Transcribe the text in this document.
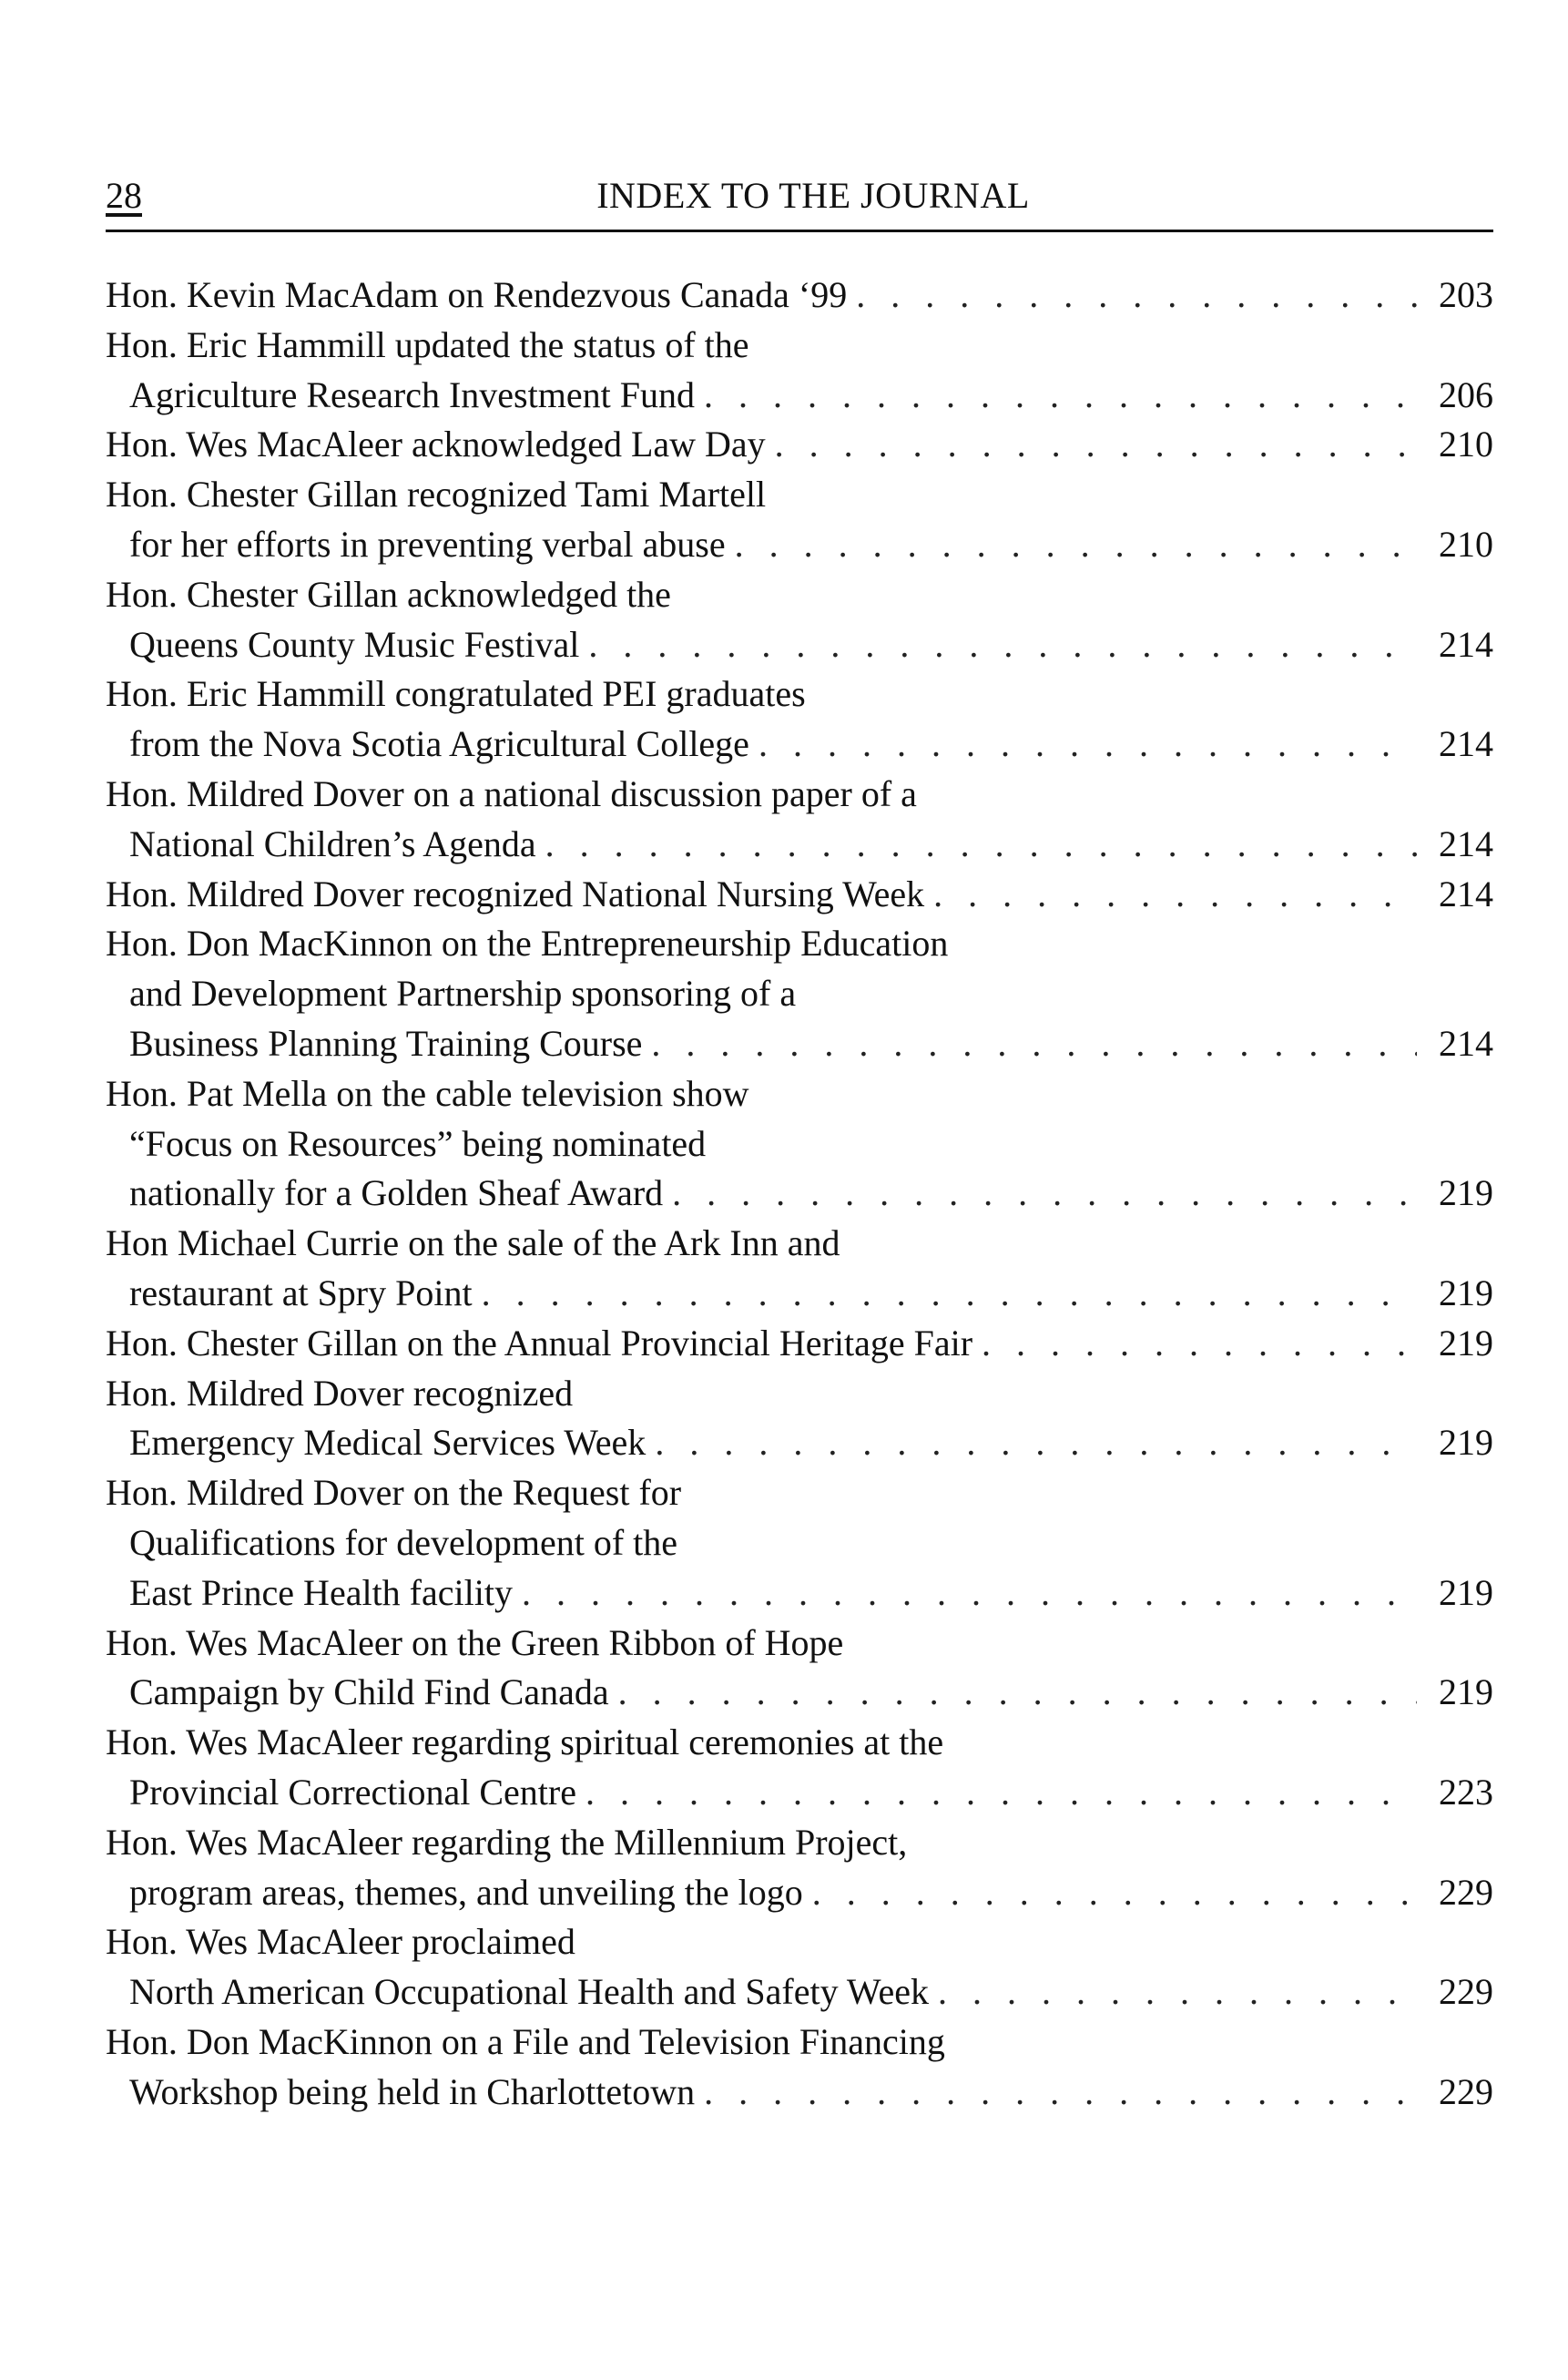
28	INDEX TO THE JOURNAL
Hon. Kevin MacAdam on Rendezvous Canada ‘99 . . .	203
Hon. Eric Hammill updated the status of the
Agriculture Research Investment Fund . . .	206
Hon. Wes MacAleer acknowledged Law Day . . .	210
Hon. Chester Gillan recognized Tami Martell
for her efforts in preventing verbal abuse . . .	210
Hon. Chester Gillan acknowledged the
Queens County Music Festival . . .	214
Hon. Eric Hammill congratulated PEI graduates
from the Nova Scotia Agricultural College . . .	214
Hon. Mildred Dover on a national discussion paper of a
National Children’s Agenda . . .	214
Hon. Mildred Dover recognized National Nursing Week . . .	214
Hon. Don MacKinnon on the Entrepreneurship Education
and Development Partnership sponsoring of a
Business Planning Training Course . . .	214
Hon. Pat Mella on the cable television show
“Focus on Resources” being nominated
nationally for a Golden Sheaf Award . . .	219
Hon Michael Currie on the sale of the Ark Inn and
restaurant at Spry Point . . .	219
Hon. Chester Gillan on the Annual Provincial Heritage Fair . . .	219
Hon. Mildred Dover recognized
Emergency Medical Services Week . . .	219
Hon. Mildred Dover on the Request for
Qualifications for development of the
East Prince Health facility . . .	219
Hon. Wes MacAleer on the Green Ribbon of Hope
Campaign by Child Find Canada . . .	219
Hon. Wes MacAleer regarding spiritual ceremonies at the
Provincial Correctional Centre . . .	223
Hon. Wes MacAleer regarding the Millennium Project,
program areas, themes, and unveiling the logo . . .	229
Hon. Wes MacAleer proclaimed
North American Occupational Health and Safety Week . . .	229
Hon. Don MacKinnon on a File and Television Financing
Workshop being held in Charlottetown . . .	229
